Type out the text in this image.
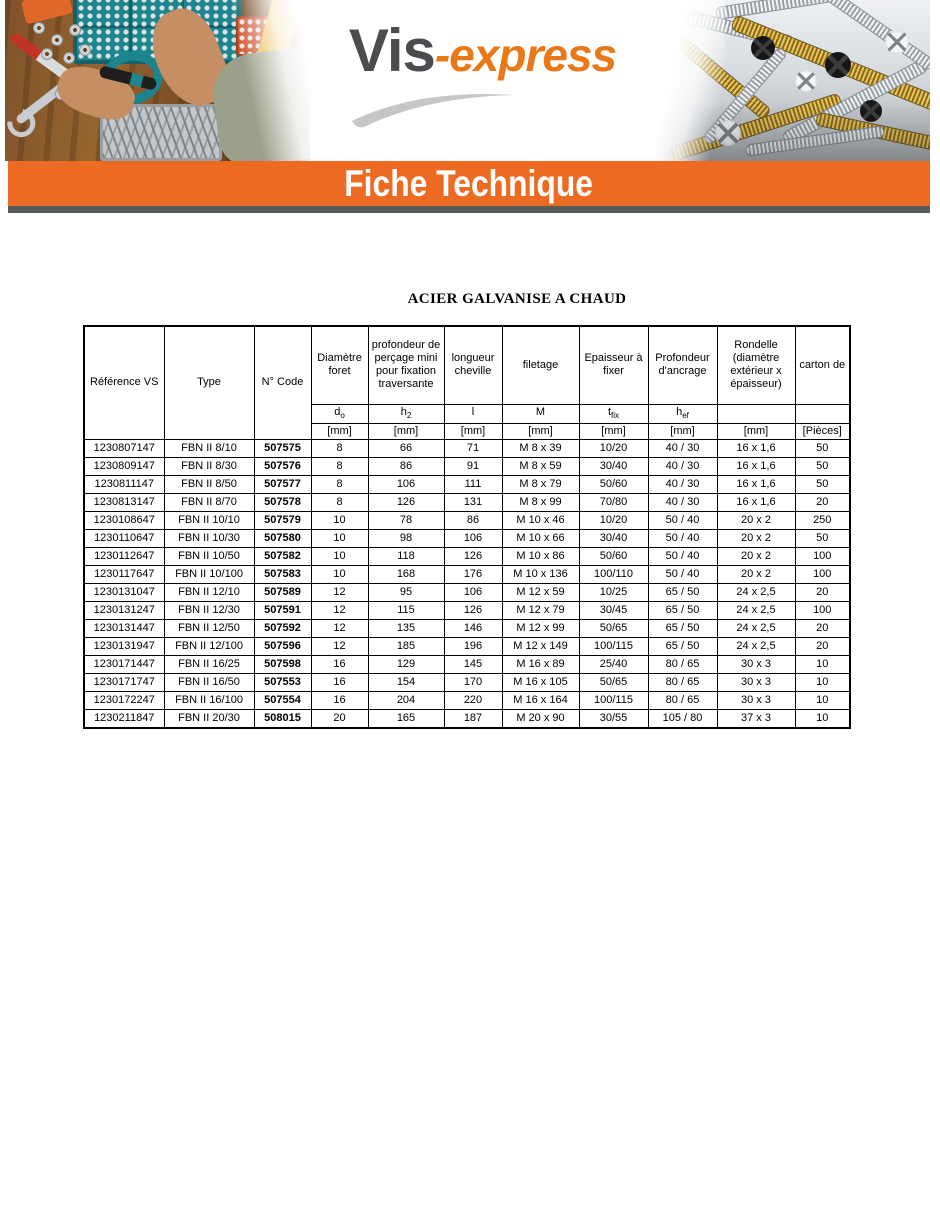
Vis -express
Fiche Technique
ACIER GALVANISE A CHAUD
Référence VS	Type	N° Code	Diamètre foret	profondeur de perçage mini pour fixation traversante	longueur cheville	filetage	Epaisseur à fixer	Profondeur d'ancrage	Rondelle (diamètre extérieur x épaisseur)	carton de
			$d_o$	$h_2$	l	M	$t_{fix}$	$h_{ef}$		
			[mm]	[mm]	[mm]	[mm]	[mm]	[mm]	[mm]	[Pièces]
1230807147	FBN II 8/10	507575	8	66	71	M 8 x 39	10/20	40 / 30	16 x 1,6	50
1230809147	FBN II 8/30	507576	8	86	91	M 8 x 59	30/40	40 / 30	16 x 1,6	50
1230811147	FBN II 8/50	507577	8	106	111	M 8 x 79	50/60	40 / 30	16 x 1,6	50
1230813147	FBN II 8/70	507578	8	126	131	M 8 x 99	70/80	40 / 30	16 x 1,6	20
1230108647	FBN II 10/10	507579	10	78	86	M 10 x 46	10/20	50 / 40	20 x 2	250
1230110647	FBN II 10/30	507580	10	98	106	M 10 x 66	30/40	50 / 40	20 x 2	50
1230112647	FBN II 10/50	507582	10	118	126	M 10 x 86	50/60	50 / 40	20 x 2	100
1230117647	FBN II 10/100	507583	10	168	176	M 10 x 136	100/110	50 / 40	20 x 2	100
1230131047	FBN II 12/10	507589	12	95	106	M 12 x 59	10/25	65 / 50	24 x 2,5	20
1230131247	FBN II 12/30	507591	12	115	126	M 12 x 79	30/45	65 / 50	24 x 2,5	100
1230131447	FBN II 12/50	507592	12	135	146	M 12 x 99	50/65	65 / 50	24 x 2,5	20
1230131947	FBN II 12/100	507596	12	185	196	M 12 x 149	100/115	65 / 50	24 x 2,5	20
1230171447	FBN II 16/25	507598	16	129	145	M 16 x 89	25/40	80 / 65	30 x 3	10
1230171747	FBN II 16/50	507553	16	154	170	M 16 x 105	50/65	80 / 65	30 x 3	10
1230172247	FBN II 16/100	507554	16	204	220	M 16 x 164	100/115	80 / 65	30 x 3	10
1230211847	FBN II 20/30	508015	20	165	187	M 20 x 90	30/55	105 / 80	37 x 3	10
